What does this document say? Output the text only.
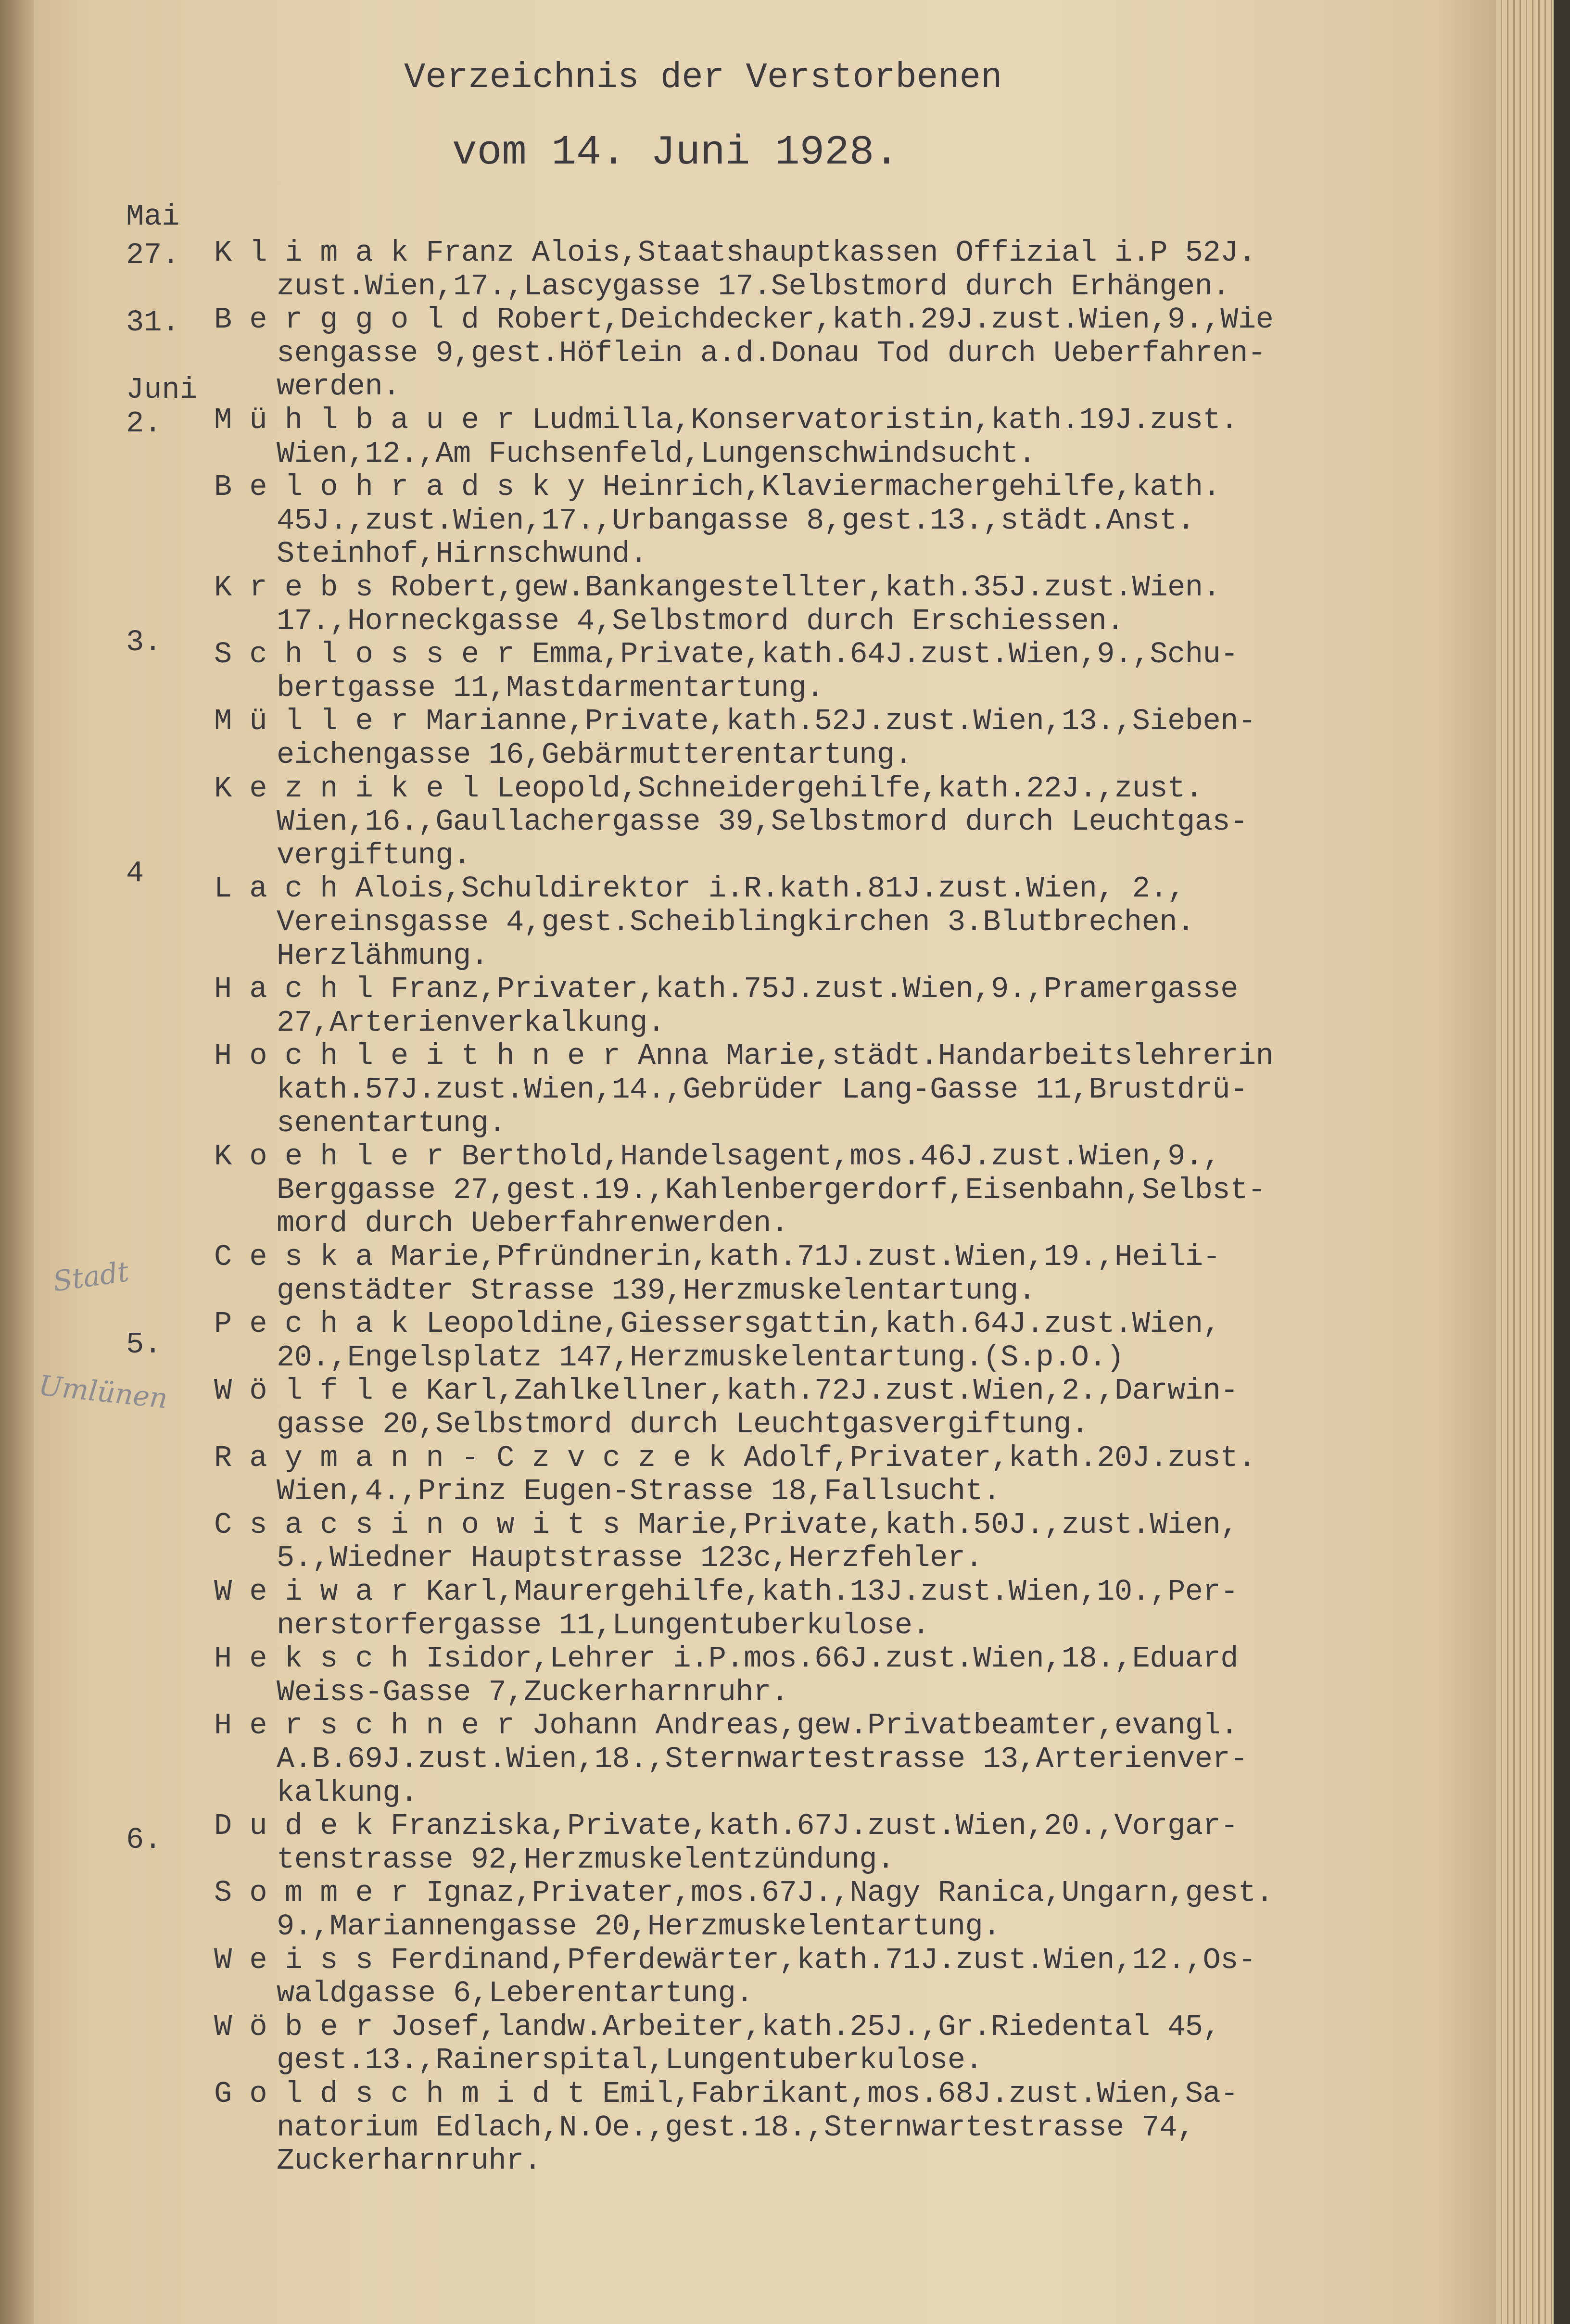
Verzeichnis der Verstorbenen
vom 14. Juni 1928.
Mai
27.
31.
Juni
2.
3.
4
5.
6.
Stadt
Umlünen
K l i m a k Franz Alois,Staatshauptkassen Offizial i.P 52J.
zust.Wien,17.,Lascygasse 17.Selbstmord durch Erhängen.
B e r g g o l d Robert,Deichdecker,kath.29J.zust.Wien,9.,Wie
sengasse 9,gest.Höflein a.d.Donau Tod durch Ueberfahren-
werden.
M ü h l b a u e r Ludmilla,Konservatoristin,kath.19J.zust.
Wien,12.,Am Fuchsenfeld,Lungenschwindsucht.
B e l o h r a d s k y Heinrich,Klaviermachergehilfe,kath.
45J.,zust.Wien,17.,Urbangasse 8,gest.13.,städt.Anst.
Steinhof,Hirnschwund.
K r e b s Robert,gew.Bankangestellter,kath.35J.zust.Wien.
17.,Horneckgasse 4,Selbstmord durch Erschiessen.
S c h l o s s e r Emma,Private,kath.64J.zust.Wien,9.,Schu-
bertgasse 11,Mastdarmentartung.
M ü l l e r Marianne,Private,kath.52J.zust.Wien,13.,Sieben-
eichengasse 16,Gebärmutterentartung.
K e z n i k e l Leopold,Schneidergehilfe,kath.22J.,zust.
Wien,16.,Gaullachergasse 39,Selbstmord durch Leuchtgas-
vergiftung.
L a c h Alois,Schuldirektor i.R.kath.81J.zust.Wien, 2.,
Vereinsgasse 4,gest.Scheiblingkirchen 3.Blutbrechen.
Herzlähmung.
H a c h l Franz,Privater,kath.75J.zust.Wien,9.,Pramergasse
27,Arterienverkalkung.
H o c h l e i t h n e r Anna Marie,städt.Handarbeitslehrerin
kath.57J.zust.Wien,14.,Gebrüder Lang-Gasse 11,Brustdrü-
senentartung.
K o e h l e r Berthold,Handelsagent,mos.46J.zust.Wien,9.,
Berggasse 27,gest.19.,Kahlenbergerdorf,Eisenbahn,Selbst-
mord durch Ueberfahrenwerden.
C e s k a Marie,Pfründnerin,kath.71J.zust.Wien,19.,Heili-
genstädter Strasse 139,Herzmuskelentartung.
P e c h a k Leopoldine,Giessersgattin,kath.64J.zust.Wien,
20.,Engelsplatz 147,Herzmuskelentartung.(S.p.O.)
W ö l f l e Karl,Zahlkellner,kath.72J.zust.Wien,2.,Darwin-
gasse 20,Selbstmord durch Leuchtgasvergiftung.
R a y m a n n - C z v c z e k Adolf,Privater,kath.20J.zust.
Wien,4.,Prinz Eugen-Strasse 18,Fallsucht.
C s a c s i n o w i t s Marie,Private,kath.50J.,zust.Wien,
5.,Wiedner Hauptstrasse 123c,Herzfehler.
W e i w a r Karl,Maurergehilfe,kath.13J.zust.Wien,10.,Per-
nerstorfergasse 11,Lungentuberkulose.
H e k s c h Isidor,Lehrer i.P.mos.66J.zust.Wien,18.,Eduard
Weiss-Gasse 7,Zuckerharnruhr.
H e r s c h n e r Johann Andreas,gew.Privatbeamter,evangl.
A.B.69J.zust.Wien,18.,Sternwartestrasse 13,Arterienver-
kalkung.
D u d e k Franziska,Private,kath.67J.zust.Wien,20.,Vorgar-
tenstrasse 92,Herzmuskelentzündung.
S o m m e r Ignaz,Privater,mos.67J.,Nagy Ranica,Ungarn,gest.
9.,Mariannengasse 20,Herzmuskelentartung.
W e i s s Ferdinand,Pferdewärter,kath.71J.zust.Wien,12.,Os-
waldgasse 6,Leberentartung.
W ö b e r Josef,landw.Arbeiter,kath.25J.,Gr.Riedental 45,
gest.13.,Rainerspital,Lungentuberkulose.
G o l d s c h m i d t Emil,Fabrikant,mos.68J.zust.Wien,Sa-
natorium Edlach,N.Oe.,gest.18.,Sternwartestrasse 74,
Zuckerharnruhr.
